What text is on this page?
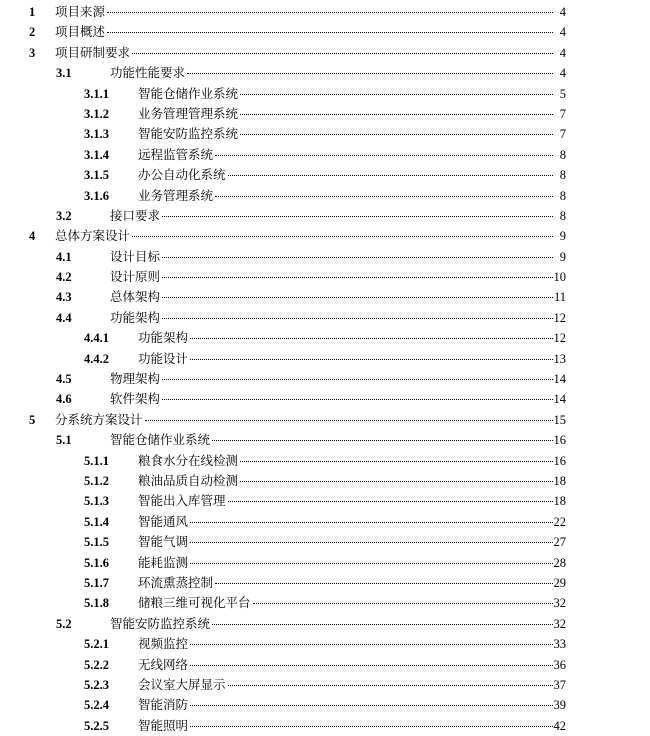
1 项目来源	4
2 项目概述	4
3 项目研制要求	4
3.1	功能性能要求	4
3.1.1 智能仓储作业系统	5
3.1.2 业务管理管理系统	7
3.1.3 智能安防监控系统	7
3.1.4 远程监管系统	8
3.1.5 办公自动化系统	8
3.1.6 业务管理系统	8
3.2	接口要求	8
4 总体方案设计	9
4.1	设计目标	9
4.2	设计原则	10
4.3	总体架构	11
4.4	功能架构	12
4.4.1 功能架构	12
4.4.2 功能设计	13
4.5	物理架构	14
4.6	软件架构	14
5 分系统方案设计	15
5.1	智能仓储作业系统	16
5.1.1 粮食水分在线检测	16
5.1.2 粮油品质自动检测	18
5.1.3 智能出入库管理	18
5.1.4 智能通风	22
5.1.5 智能气调	27
5.1.6 能耗监测	28
5.1.7 环流熏蒸控制	29
5.1.8 储粮三维可视化平台	32
5.2	智能安防监控系统	32
5.2.1 视频监控	33
5.2.2 无线网络	36
5.2.3 会议室大屏显示	37
5.2.4 智能消防	39
5.2.5 智能照明	42
